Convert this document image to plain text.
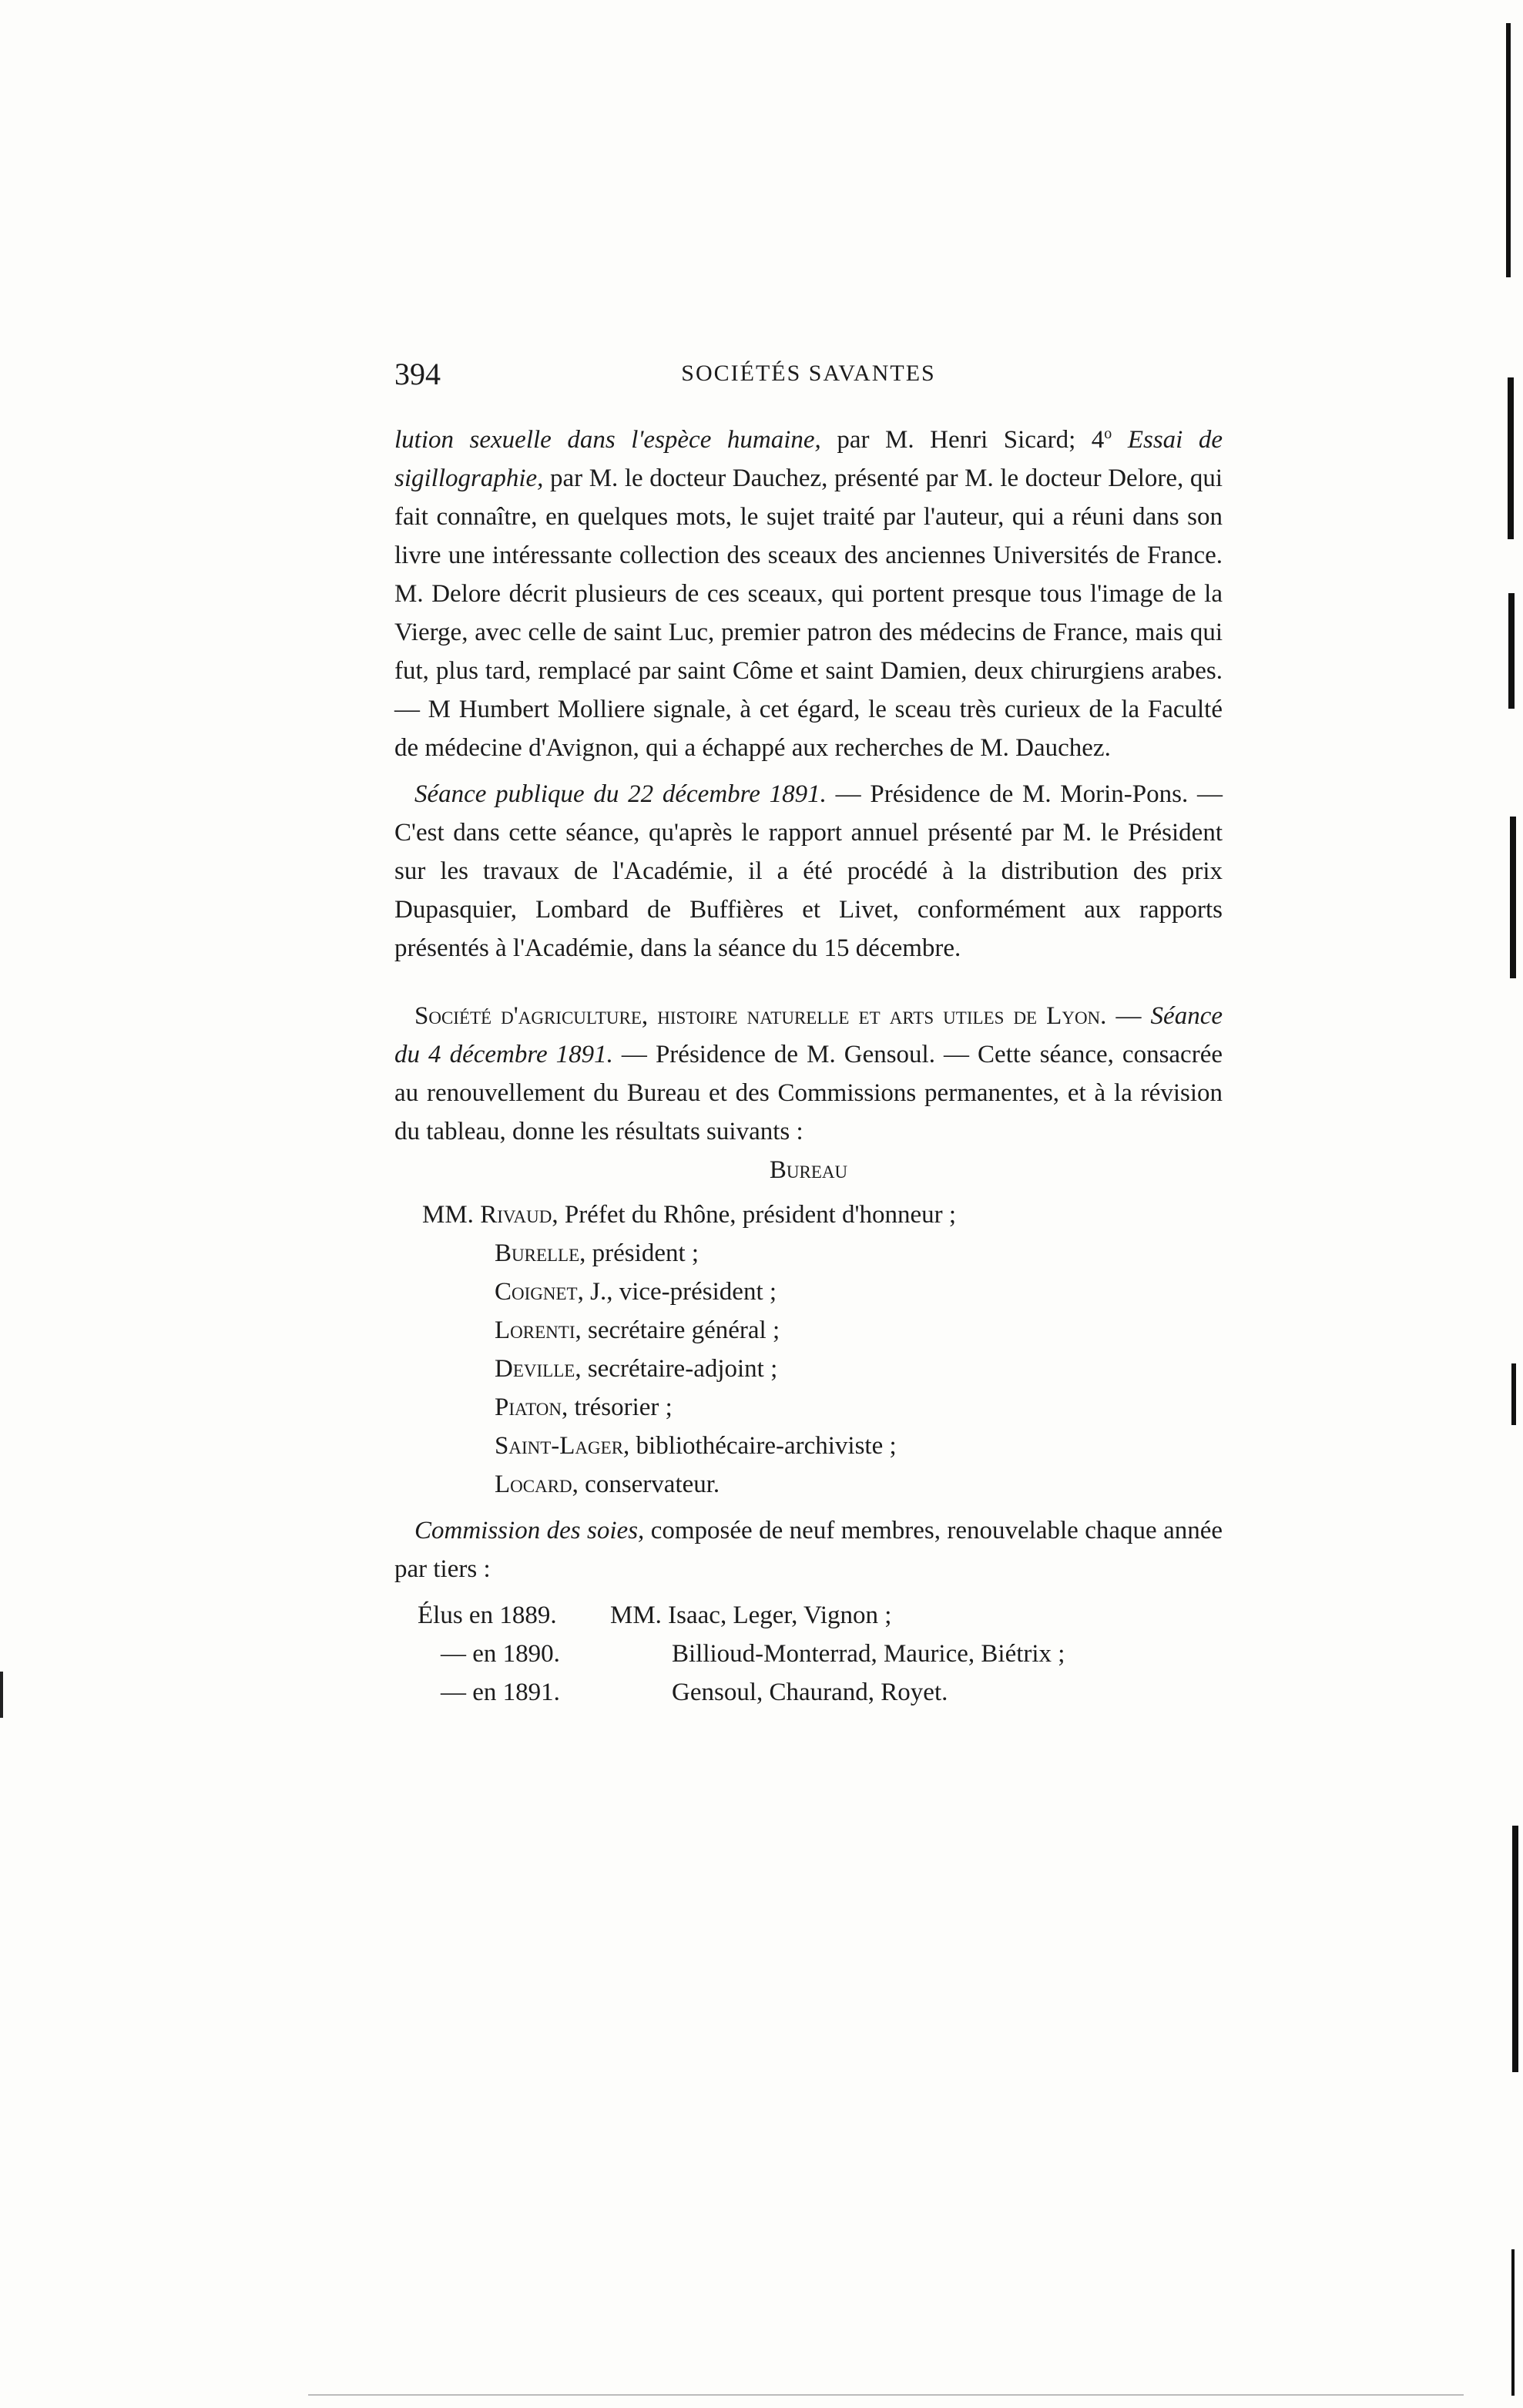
394	SOCIÉTÉS SAVANTES

lution sexuelle dans l'espèce humaine, par M. Henri Sicard; 4$^o$ Essai de sigillographie, par M. le docteur Dauchez, présenté par M. le docteur Delore, qui fait connaître, en quelques mots, le sujet traité par l'auteur, qui a réuni dans son livre une intéressante collection des sceaux des anciennes Universités de France. M. Delore décrit plusieurs de ces sceaux, qui portent presque tous l'image de la Vierge, avec celle de saint Luc, premier patron des médecins de France, mais qui fut, plus tard, remplacé par saint Côme et saint Damien, deux chirurgiens arabes. — M Humbert Molliere signale, à cet égard, le sceau très curieux de la Faculté de médecine d'Avignon, qui a échappé aux recherches de M. Dauchez.

Séance publique du 22 décembre 1891. — Présidence de M. Morin-Pons. — C'est dans cette séance, qu'après le rapport annuel présenté par M. le Président sur les travaux de l'Académie, il a été procédé à la distribution des prix Dupasquier, Lombard de Buffières et Livet, conformément aux rapports présentés à l'Académie, dans la séance du 15 décembre.

Société d'agriculture, histoire naturelle et arts utiles de Lyon. — Séance du 4 décembre 1891. — Présidence de M. Gensoul. — Cette séance, consacrée au renouvellement du Bureau et des Commissions permanentes, et à la révision du tableau, donne les résultats suivants :

Bureau

MM. Rivaud, Préfet du Rhône, président d'honneur ;
Burelle, président ;
Coignet, J., vice-président ;
Lorenti, secrétaire général ;
Deville, secrétaire-adjoint ;
Piaton, trésorier ;
Saint-Lager, bibliothécaire-archiviste ;
Locard, conservateur.

Commission des soies, composée de neuf membres, renouvelable chaque année par tiers :

Élus en 1889.	MM. Isaac, Leger, Vignon ;
— en 1890.	Billioud-Monterrad, Maurice, Biétrix ;
— en 1891.	Gensoul, Chaurand, Royet.
